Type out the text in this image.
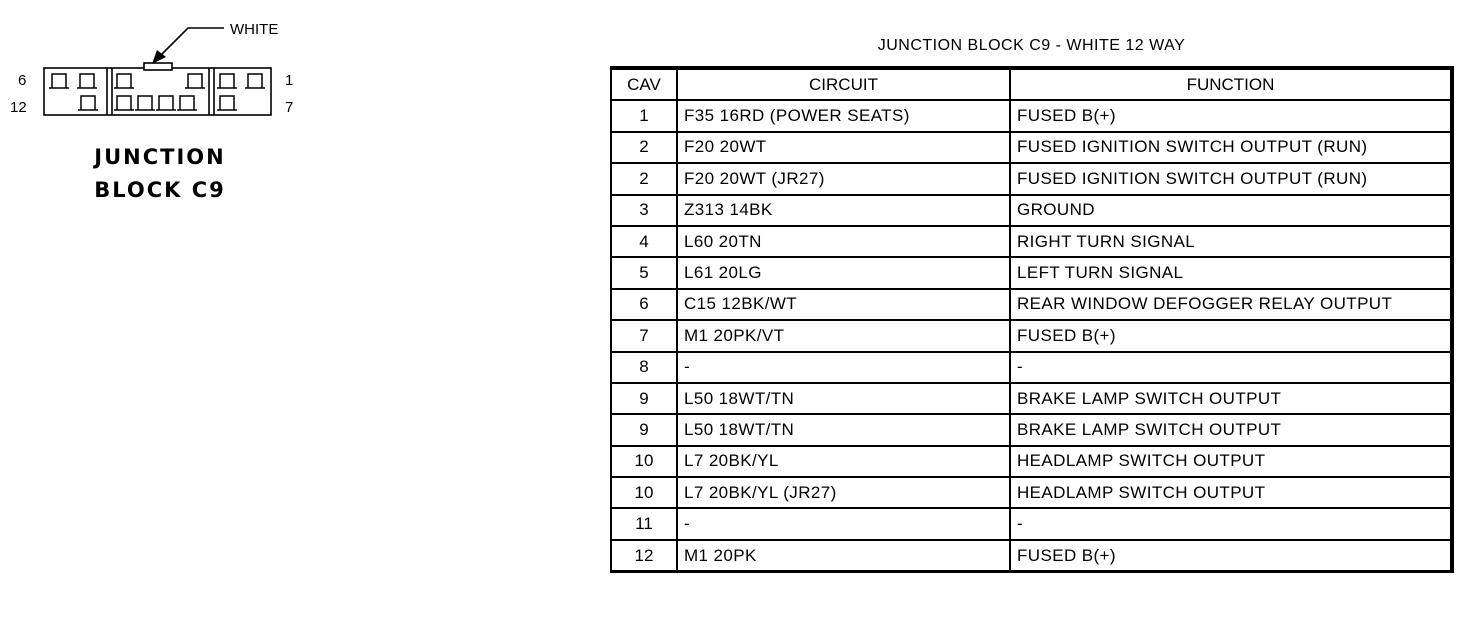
WHITE
6
12
1
7
JUNCTION
BLOCK C9
JUNCTION BLOCK C9 - WHITE 12 WAY
CAV	CIRCUIT	FUNCTION
1	F35 16RD (POWER SEATS)	FUSED B(+)
2	F20 20WT	FUSED IGNITION SWITCH OUTPUT (RUN)
2	F20 20WT (JR27)	FUSED IGNITION SWITCH OUTPUT (RUN)
3	Z313 14BK	GROUND
4	L60 20TN	RIGHT TURN SIGNAL
5	L61 20LG	LEFT TURN SIGNAL
6	C15 12BK/WT	REAR WINDOW DEFOGGER RELAY OUTPUT
7	M1 20PK/VT	FUSED B(+)
8	-	-
9	L50 18WT/TN	BRAKE LAMP SWITCH OUTPUT
9	L50 18WT/TN	BRAKE LAMP SWITCH OUTPUT
10	L7 20BK/YL	HEADLAMP SWITCH OUTPUT
10	L7 20BK/YL (JR27)	HEADLAMP SWITCH OUTPUT
11	-	-
12	M1 20PK	FUSED B(+)
